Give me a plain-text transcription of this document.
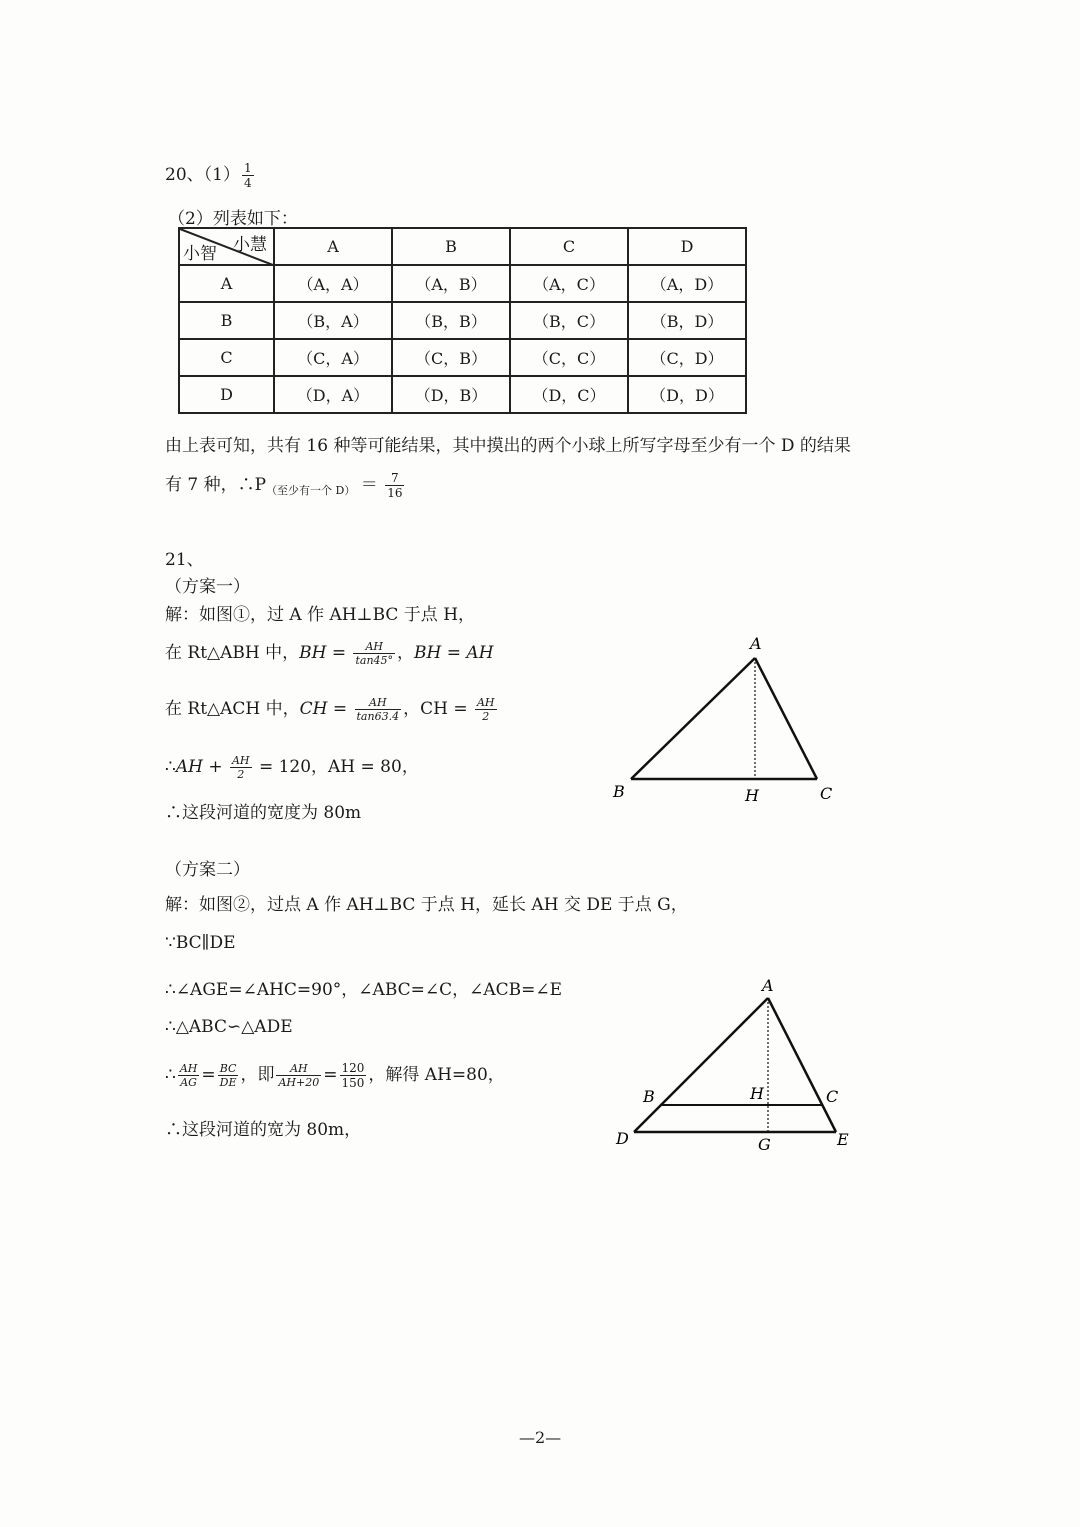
20、$(1) \frac{1}{4}$
（2）列表如下：
小慧
小智	A	B	C	D
A	（A，A）	（A，B）	（A，C）	（A，D）
B	（B，A）	（B，B）	（B，C）	（B，D）
C	（C，A）	（C，B）	（C，C）	（C，D）
D	（D，A）	（D，B）	（D，C）	（D，D）
由上表可知，共有 16 种等可能结果，其中摸出的两个小球上所写字母至少有一个 D 的结果
有 7 种，$\therefore P_{(至少有一个 D)} = \frac{7}{16}$
21、
（方案一）
解：如图①，过 A 作 AH⊥BC 于点 H，
在 Rt△ABH 中，BH = $\frac{AH}{\tan 45^\circ}$ ，BH = AH
在 Rt△ACH 中，CH = $\frac{AH}{\tan 63.4}$ ，CH = $\frac{AH}{2}$
∴AH + $\frac{AH}{2} = 120$，AH = 80，
∴这段河道的宽度为 80m
A
B	C
H
（方案二）
解：如图②，过点 A 作 AH⊥BC 于点 H，延长 AH 交 DE 于点 G，
∵BC∥DE
∴∠AGE=∠AHC=90°，∠ABC=∠C，∠ACB=∠E
∴△ABC∽△ADE
∴ $\frac{AH}{AG} = \frac{BC}{DE}$ ，即 $\frac{AH}{AH+20} = \frac{120}{150}$ ，解得 AH=80，
∴这段河道的宽为 80m，
A
B	C
H
D	E
G
—2—
